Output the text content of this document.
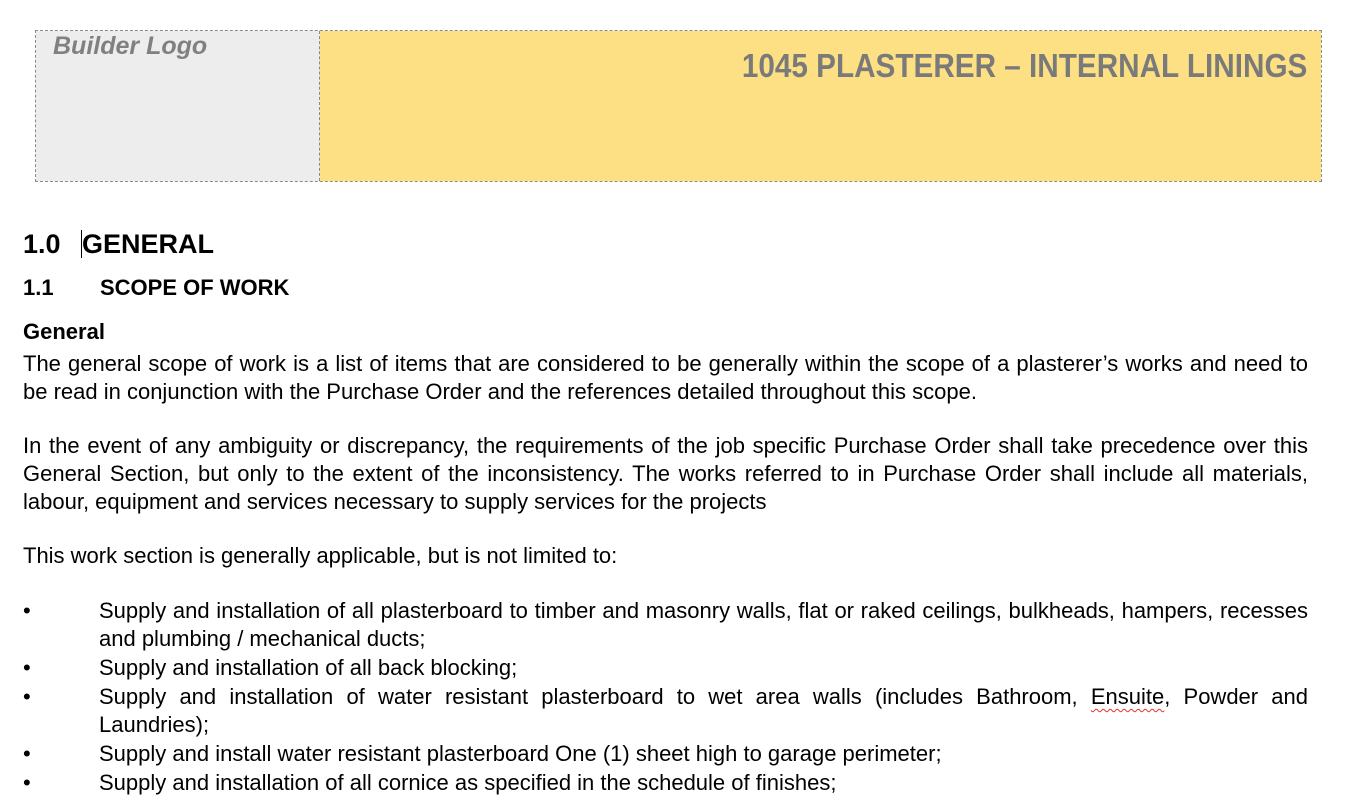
Builder Logo
1045 PLASTERER – INTERNAL LININGS
1.0 GENERAL
1.1 SCOPE OF WORK
General

The general scope of work is a list of items that are considered to be generally within the scope of a plasterer’s works and need to be read in conjunction with the Purchase Order and the references detailed throughout this scope.

In the event of any ambiguity or discrepancy, the requirements of the job specific Purchase Order shall take precedence over this General Section, but only to the extent of the inconsistency. The works referred to in Purchase Order shall include all materials, labour, equipment and services necessary to supply services for the projects

This work section is generally applicable, but is not limited to:

•	Supply and installation of all plasterboard to timber and masonry walls, flat or raked ceilings, bulkheads, hampers, recesses and plumbing / mechanical ducts;
•	Supply and installation of all back blocking;
•	Supply and installation of water resistant plasterboard to wet area walls (includes Bathroom, Ensuite, Powder and Laundries);
•	Supply and install water resistant plasterboard One (1) sheet high to garage perimeter;
•	Supply and installation of all cornice as specified in the schedule of finishes;
